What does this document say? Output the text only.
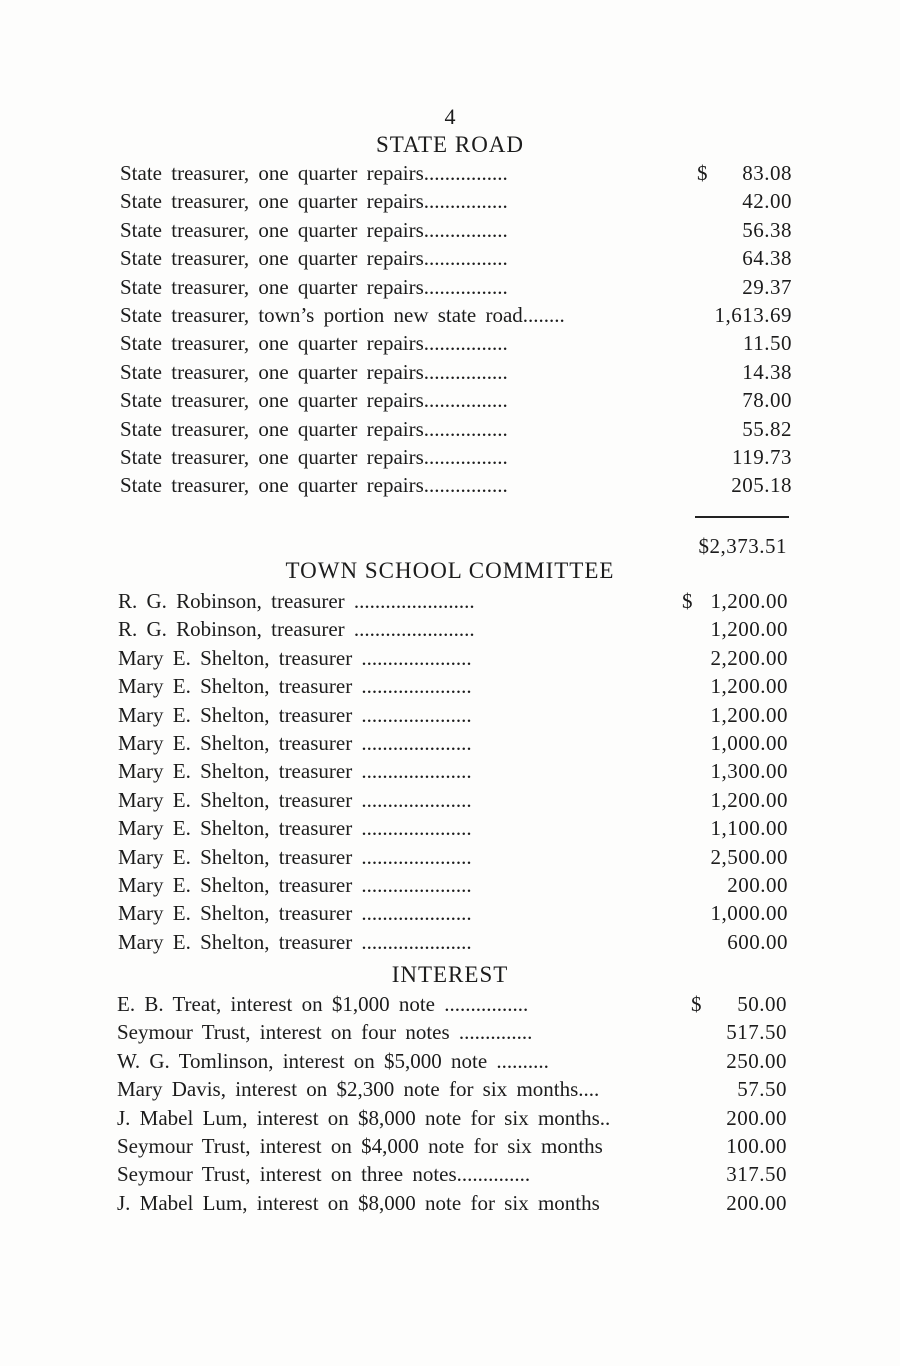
4
STATE ROAD
State treasurer, one quarter repairs................	$ 83.08
State treasurer, one quarter repairs................	42.00
State treasurer, one quarter repairs................	56.38
State treasurer, one quarter repairs................	64.38
State treasurer, one quarter repairs................	29.37
State treasurer, town’s portion new state road........	1,613.69
State treasurer, one quarter repairs................	11.50
State treasurer, one quarter repairs................	14.38
State treasurer, one quarter repairs................	78.00
State treasurer, one quarter repairs................	55.82
State treasurer, one quarter repairs................	119.73
State treasurer, one quarter repairs................	205.18
$2,373.51
TOWN SCHOOL COMMITTEE
R. G. Robinson, treasurer .......................	$ 1,200.00
R. G. Robinson, treasurer .......................	1,200.00
Mary E. Shelton, treasurer .....................	2,200.00
Mary E. Shelton, treasurer .....................	1,200.00
Mary E. Shelton, treasurer .....................	1,200.00
Mary E. Shelton, treasurer .....................	1,000.00
Mary E. Shelton, treasurer .....................	1,300.00
Mary E. Shelton, treasurer .....................	1,200.00
Mary E. Shelton, treasurer .....................	1,100.00
Mary E. Shelton, treasurer .....................	2,500.00
Mary E. Shelton, treasurer .....................	200.00
Mary E. Shelton, treasurer .....................	1,000.00
Mary E. Shelton, treasurer .....................	600.00
INTEREST
E. B. Treat, interest on $1,000 note ................	$ 50.00
Seymour Trust, interest on four notes ..............	517.50
W. G. Tomlinson, interest on $5,000 note ..........	250.00
Mary Davis, interest on $2,300 note for six months....	57.50
J. Mabel Lum, interest on $8,000 note for six months..	200.00
Seymour Trust, interest on $4,000 note for six months	100.00
Seymour Trust, interest on three notes..............	317.50
J. Mabel Lum, interest on $8,000 note for six months	200.00
